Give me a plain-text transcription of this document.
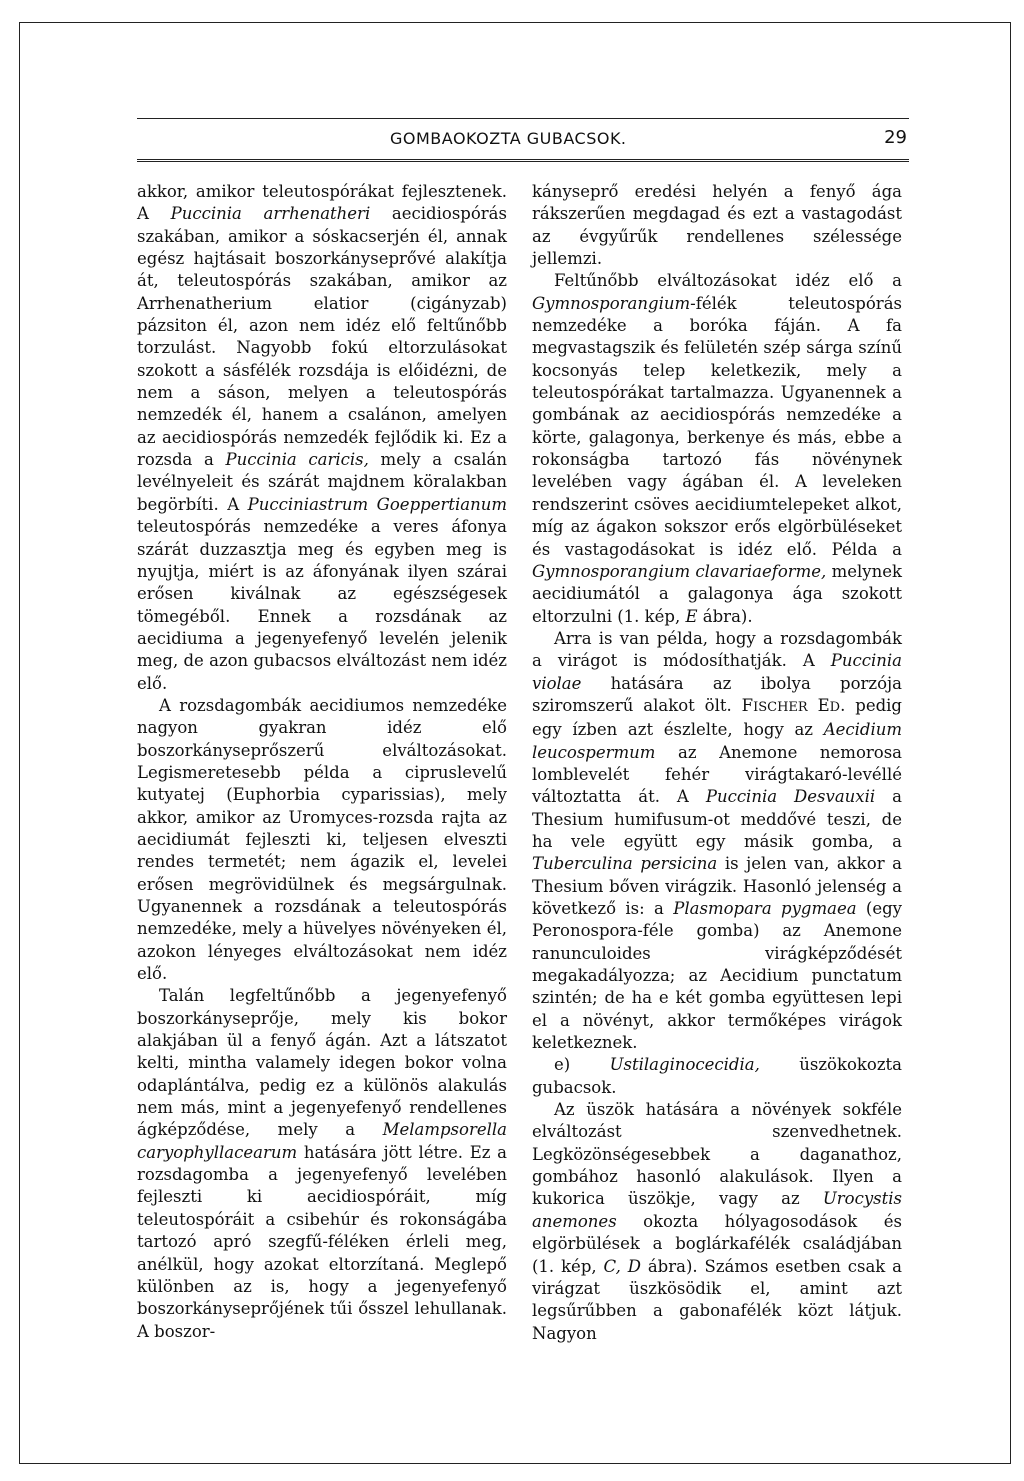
GOMBAOKOZTA GUBACSOK.	29

akkor, amikor teleutospórákat fejlesztenek. A Puccinia arrhenatheri aecidiospórás szakában, amikor a sóskacserjén él, annak egész hajtásait boszorkányseprővé alakítja át, teleutospórás szakában, amikor az Arrhenatherium elatior (cigányzab) pázsiton él, azon nem idéz elő feltűnőbb torzulást. Nagyobb fokú eltorzulásokat szokott a sásfélék rozsdája is előidézni, de nem a sáson, melyen a teleutospórás nemzedék él, hanem a csalánon, amelyen az aecidiospórás nemzedék fejlődik ki. Ez a rozsda a Puccinia caricis, mely a csalán levélnyeleit és szárát majdnem köralakban begörbíti. A Pucciniastrum Goeppertianum teleutospórás nemzedéke a veres áfonya szárát duzzasztja meg és egyben meg is nyujtja, miért is az áfonyának ilyen szárai erősen kiválnak az egészségesek tömegéből. Ennek a rozsdának az aecidiuma a jegenyefenyő levelén jelenik meg, de azon gubacsos elváltozást nem idéz elő.

A rozsdagombák aecidiumos nemzedéke nagyon gyakran idéz elő boszorkányseprőszerű elváltozásokat. Legismeretesebb példa a cipruslevelű kutyatej (Euphorbia cyparissias), mely akkor, amikor az Uromyces-rozsda rajta az aecidiumát fejleszti ki, teljesen elveszti rendes termetét; nem ágazik el, levelei erősen megrövidülnek és megsárgulnak. Ugyanennek a rozsdának a teleutospórás nemzedéke, mely a hüvelyes növényeken él, azokon lényeges elváltozásokat nem idéz elő.

Talán legfeltűnőbb a jegenyefenyő boszorkányseprője, mely kis bokor alakjában ül a fenyő ágán. Azt a látszatot kelti, mintha valamely idegen bokor volna odaplántálva, pedig ez a különös alakulás nem más, mint a jegenyefenyő rendellenes ágképződése, mely a Melampsorella caryophyllacearum hatására jött létre. Ez a rozsdagomba a jegenyefenyő levelében fejleszti ki aecidiospóráit, míg teleutospóráit a csibehúr és rokonságába tartozó apró szegfű-féléken érleli meg, anélkül, hogy azokat eltorzítaná. Meglepő különben az is, hogy a jegenyefenyő boszorkányseprőjének tűi ősszel lehullanak. A boszor-

kányseprő eredési helyén a fenyő ága rákszerűen megdagad és ezt a vastagodást az évgyűrűk rendellenes szélessége jellemzi.

Feltűnőbb elváltozásokat idéz elő a Gymnosporangium-félék teleutospórás nemzedéke a boróka fáján. A fa megvastagszik és felületén szép sárga színű kocsonyás telep keletkezik, mely a teleutospórákat tartalmazza. Ugyanennek a gombának az aecidiospórás nemzedéke a körte, galagonya, berkenye és más, ebbe a rokonságba tartozó fás növénynek levelében vagy ágában él. A leveleken rendszerint csöves aecidiumtelepeket alkot, míg az ágakon sokszor erős elgörbüléseket és vastagodásokat is idéz elő. Példa a Gymnosporangium clavariaeforme, melynek aecidiumától a galagonya ága szokott eltorzulni (1. kép, E ábra).

Arra is van példa, hogy a rozsdagombák a virágot is módosíthatják. A Puccinia violae hatására az ibolya porzója sziromszerű alakot ölt. FISCHER ED. pedig egy ízben azt észlelte, hogy az Aecidium leucospermum az Anemone nemorosa lomblevelét fehér virágtakaró-levéllé változtatta át. A Puccinia Desvauxii a Thesium humifusum-ot meddővé teszi, de ha vele együtt egy másik gomba, a Tuberculina persicina is jelen van, akkor a Thesium bőven virágzik. Hasonló jelenség a következő is: a Plasmopara pygmaea (egy Peronospora-féle gomba) az Anemone ranunculoides virágképződését megakadályozza; az Aecidium punctatum szintén; de ha e két gomba együttesen lepi el a növényt, akkor termőképes virágok keletkeznek.

e) Ustilaginocecidia, üszökokozta gubacsok.

Az üszök hatására a növények sokféle elváltozást szenvedhetnek. Legközönségesebbek a daganathoz, gombához hasonló alakulások. Ilyen a kukorica üszökje, vagy az Urocystis anemones okozta hólyagosodások és elgörbülések a boglárkafélék családjában (1. kép, C, D ábra). Számos esetben csak a virágzat üszkösödik el, amint azt legsűrűbben a gabonafélék közt látjuk. Nagyon
